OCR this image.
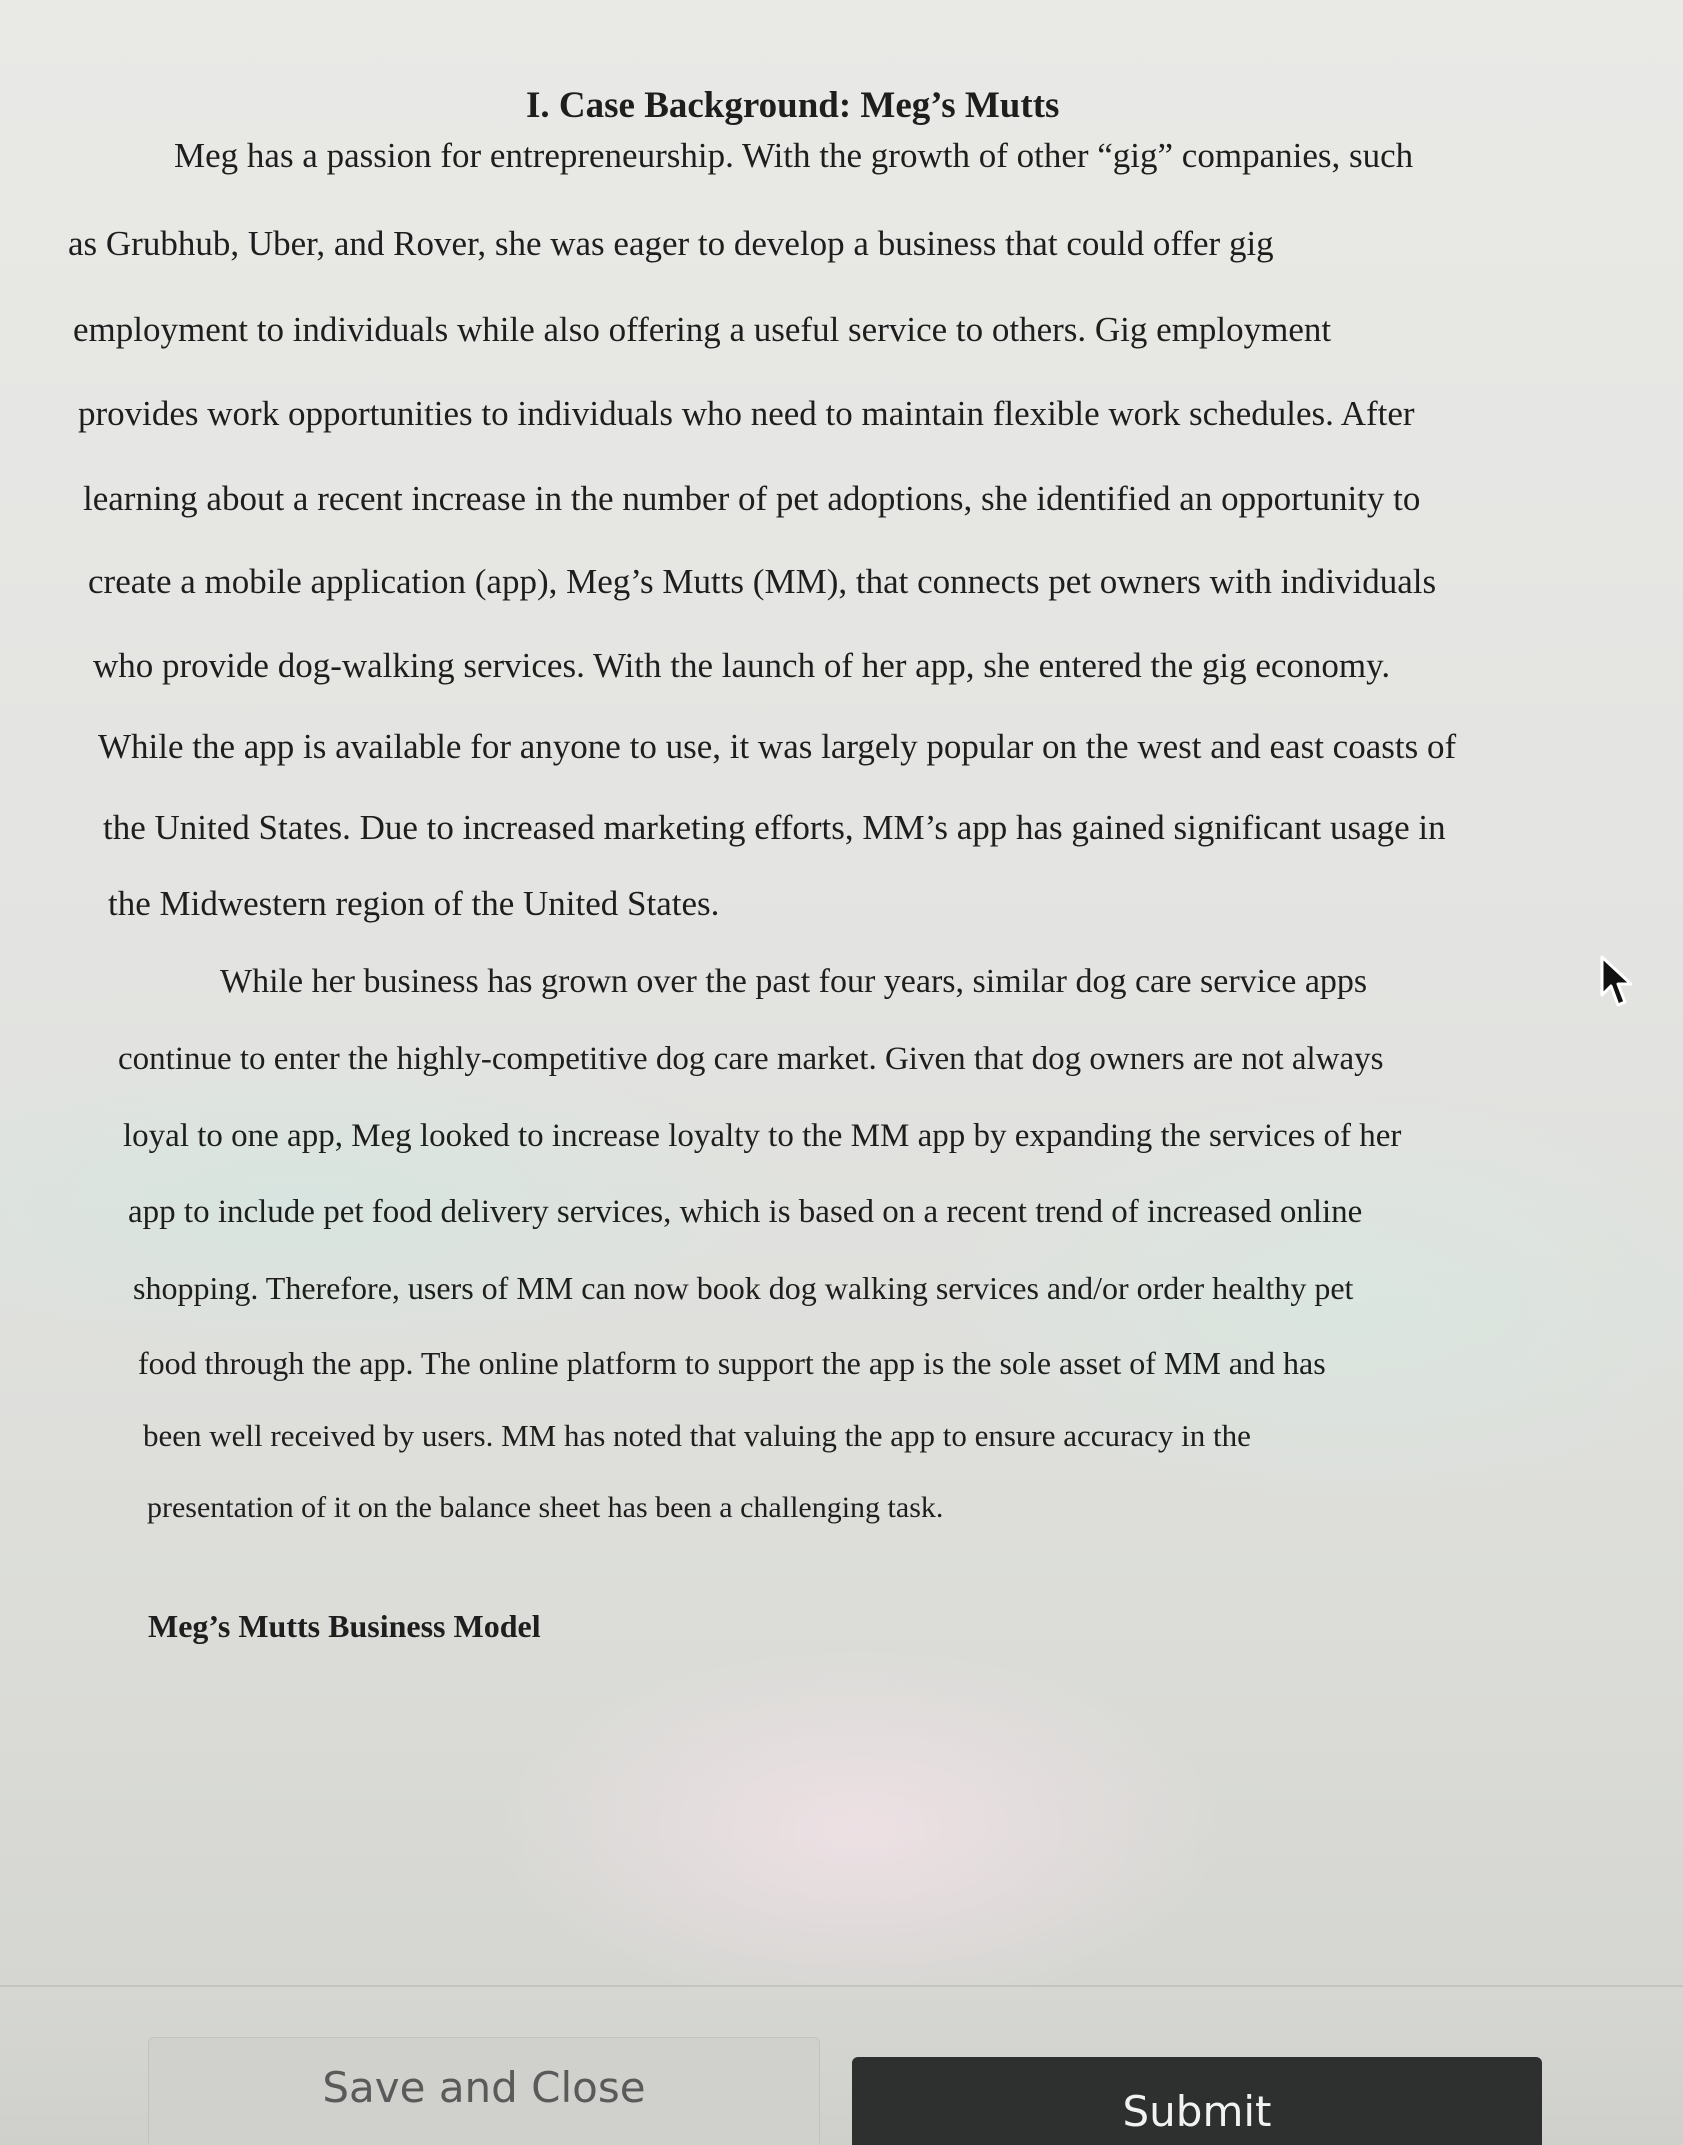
I. Case Background: Meg’s Mutts
Meg has a passion for entrepreneurship. With the growth of other “gig” companies, such
as Grubhub, Uber, and Rover, she was eager to develop a business that could offer gig
employment to individuals while also offering a useful service to others. Gig employment
provides work opportunities to individuals who need to maintain flexible work schedules. After
learning about a recent increase in the number of pet adoptions, she identified an opportunity to
create a mobile application (app), Meg’s Mutts (MM), that connects pet owners with individuals
who provide dog-walking services. With the launch of her app, she entered the gig economy.
While the app is available for anyone to use, it was largely popular on the west and east coasts of
the United States. Due to increased marketing efforts, MM’s app has gained significant usage in
the Midwestern region of the United States.
While her business has grown over the past four years, similar dog care service apps
continue to enter the highly-competitive dog care market. Given that dog owners are not always
loyal to one app, Meg looked to increase loyalty to the MM app by expanding the services of her
app to include pet food delivery services, which is based on a recent trend of increased online
shopping. Therefore, users of MM can now book dog walking services and/or order healthy pet
food through the app. The online platform to support the app is the sole asset of MM and has
been well received by users. MM has noted that valuing the app to ensure accuracy in the
presentation of it on the balance sheet has been a challenging task.
Meg’s Mutts Business Model
Save and Close	Submit
